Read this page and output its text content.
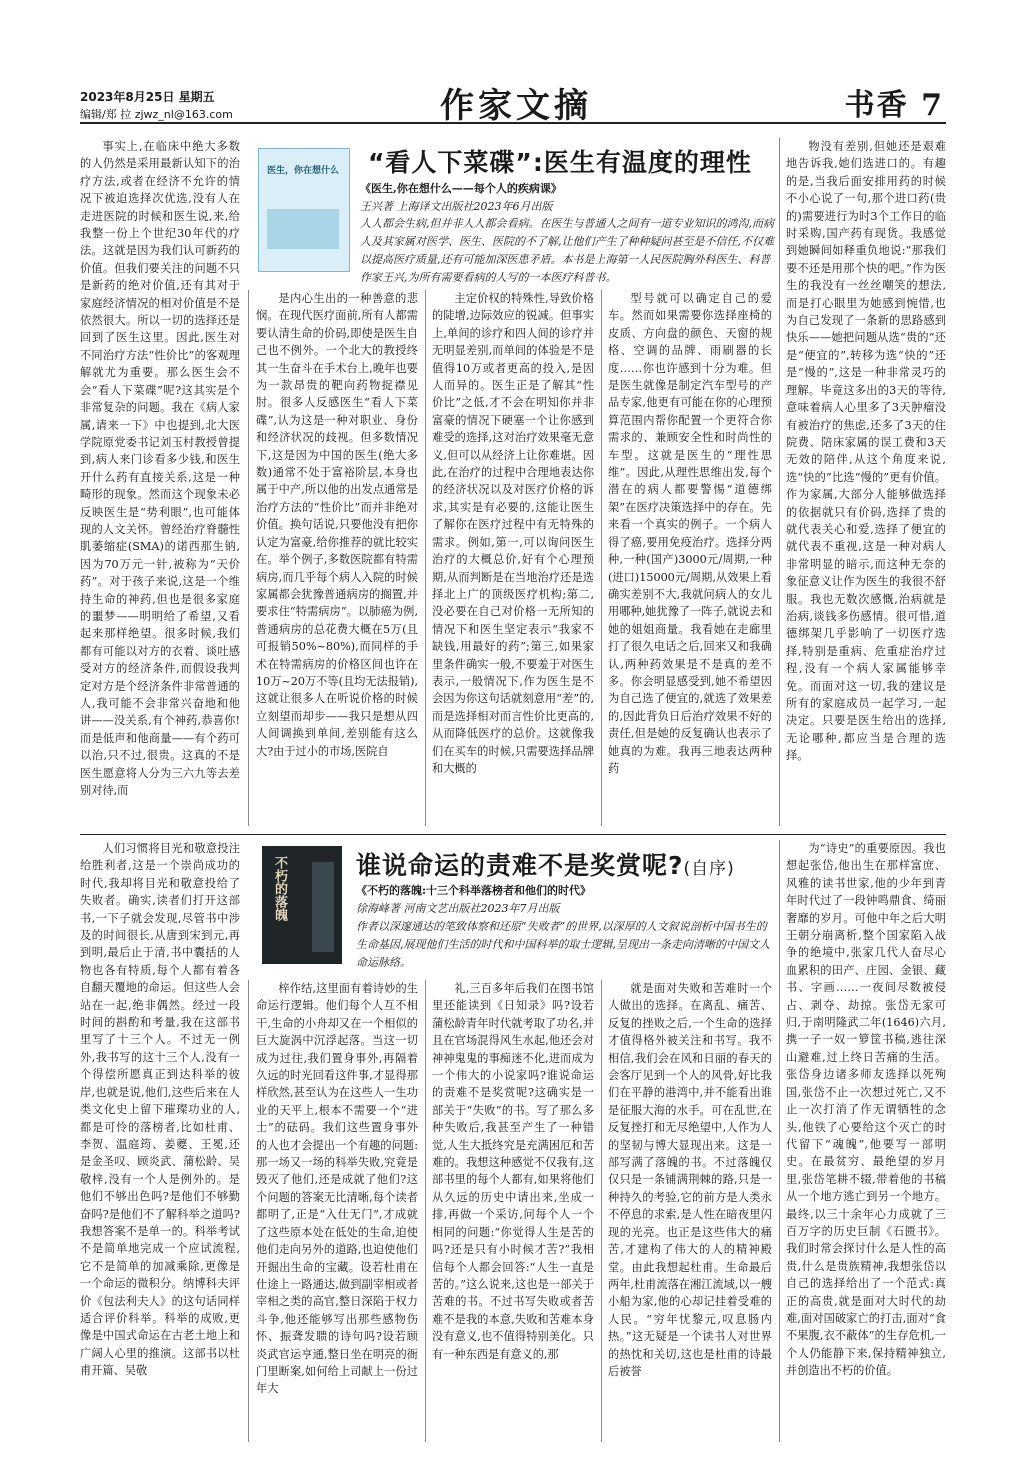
2023年8月25日 星期五
编辑/郑 拉 zjwz_nl@163.com	作家文摘	书香 7
医生，你在想什么 “看人下菜碟”:医生有温度的理性
《医生,你在想什么——每个人的疾病课》
王兴著 上海译文出版社2023年6月出版
人人都会生病,但并非人人都会看病。在医生与普通人之间有一道专业知识的鸿沟,而病人及其家属对医学、医生、医院的不了解,让他们产生了种种疑问甚至是不信任,不仅难以提高医疗质量,还有可能加深医患矛盾。本书是上海第一人民医院胸外科医生、科普作家王兴,为所有需要看病的人写的一本医疗科普书。

事实上,在临床中绝大多数的人仍然是采用最新认知下的治疗方法,或者在经济不允许的情况下被迫选择次优选,没有人在走进医院的时候和医生说,来,给我整一份上个世纪30年代的疗法。这就是因为我们认可新药的价值。但我们要关注的问题不只是新药的绝对价值,还有其对于家庭经济情况的相对价值是不是依然很大。所以一切的选择还是回到了医生这里。因此,医生对不同治疗方法“性价比”的客观理解就尤为重要。那么医生会不会“看人下菜碟”呢?这其实是个非常复杂的问题。我在《病人家属,请来一下》中也提到,北大医学院原党委书记刘玉村教授曾提到,病人来门诊看多少钱,和医生开什么药有直接关系,这是一种畸形的现象。然而这个现象未必反映医生是“势利眼”,也可能体现的人文关怀。曾经治疗脊髓性肌萎缩症(SMA)的诺西那生钠,因为70万元一针,被称为“天价药”。对于孩子来说,这是一个维持生命的神药,但也是很多家庭的噩梦——明明给了希望,又看起来那样绝望。很多时候,我们都有可能以对方的衣着、谈吐感受对方的经济条件,而假设我判定对方是个经济条件非常普通的人,我可能不会非常兴奋地和他讲——没关系,有个神药,恭喜你!而是低声和他商量——有个药可以治,只不过,很贵。这真的不是医生愿意将人分为三六九等去差别对待,而

是内心生出的一种善意的悲悯。在现代医疗面前,所有人都需要认清生命的价码,即使是医生自己也不例外。一个北大的教授终其一生奋斗在手术台上,晚年也要为一款昂贵的靶向药物捉襟见肘。很多人反感医生“看人下菜碟”,认为这是一种对职业、身份和经济状况的歧视。但多数情况下,这是因为中国的医生(绝大多数)通常不处于富裕阶层,本身也属于中产,所以他的出发点通常是治疗方法的“性价比”而并非绝对价值。换句话说,只要他没有把你认定为富豪,给你推荐的就比较实在。举个例子,多数医院都有特需病房,而几乎每个病人入院的时候家属都会犹豫普通病房的搁置,并要求住“特需病房”。以肺癌为例,普通病房的总花费大概在5万(且可报销50%~80%),而同样的手术在特需病房的价格区间也许在10万~20万不等(且均无法报销),这就让很多人在听说价格的时候立刻望而却步——我只是想从四人间调换到单间,差别能有这么大?由于过小的市场,医院自

主定价权的特殊性,导致价格的陡增,边际效应的锐减。但事实上,单间的诊疗和四人间的诊疗并无明显差别,而单间的体验是不是值得10万或者更高的投入,是因人而异的。医生正是了解其“性价比”之低,才不会在明知你并非富豪的情况下硬塞一个让你感到难受的选择,这对治疗效果毫无意义,但可以从经济上让你难堪。因此,在治疗的过程中合理地表达你的经济状况以及对医疗价格的诉求,其实是有必要的,这能让医生了解你在医疗过程中有无特殊的需求。例如,第一,可以询问医生治疗的大概总价,好有个心理预期,从而判断是在当地治疗还是选择北上广的顶级医疗机构;第二,没必要在自己对价格一无所知的情况下和医生坚定表示“我家不缺钱,用最好的药”;第三,如果家里条件确实一般,不要羞于对医生表示,一般情况下,作为医生是不会因为你这句话就刻意用“差”的,而是选择相对而言性价比更高的,从而降低医疗的总价。这就像我们在买车的时候,只需要选择品牌和大概的

型号就可以确定自己的爱车。然而如果需要你选择座椅的皮质、方向盘的颜色、天窗的规格、空调的品牌、雨刷器的长度……你也许感到十分为难。但是医生就像是制定汽车型号的产品专家,他更有可能在你的心理预算范围内帮你配置一个更符合你需求的、兼顾安全性和时尚性的车型。这就是医生的“理性思维”。因此,从理性思维出发,每个潜在的病人都要警惕“道德绑架”在医疗决策选择中的存在。先来看一个真实的例子。一个病人得了癌,要用免疫治疗。选择分两种,一种(国产)3000元/周期,一种(进口)15000元/周期,从效果上看确实差别不大,我就问病人的女儿用哪种,她犹豫了一阵子,就说去和她的姐姐商量。我看她在走廊里打了很久电话之后,回来又和我确认,两种药效果是不是真的差不多。你会明显感受到,她不希望因为自己选了便宜的,就选了效果差的,因此背负日后治疗效果不好的责任,但是她的反复确认也表示了她真的为难。我再三地表达两种药

物没有差别,但她还是艰难地告诉我,她们选进口的。有趣的是,当我后面安排用药的时候不小心说了一句,那个进口药(贵的)需要进行为时3个工作日的临时采购,国产药有现货。我感觉到她瞬间如释重负地说:“那我们要不还是用那个快的吧。”作为医生的我没有一丝丝嘲笑的想法,而是打心眼里为她感到惋惜,也为自己发现了一条新的思路感到快乐——她把问题从选“贵的”还是“便宜的”,转移为选“快的”还是“慢的”,这是一种非常灵巧的理解。毕竟这多出的3天的等待,意味着病人心里多了3天肿瘤没有被治疗的焦虑,还多了3天的住院费、陪床家属的误工费和3天无效的陪伴,从这个角度来说,选“快的”比选“慢的”更有价值。作为家属,大部分人能够做选择的依据就只有价码,选择了贵的就代表关心和爱,选择了便宜的就代表不重视,这是一种对病人非常明显的暗示,而这种无奈的象征意义让作为医生的我很不舒服。我也无数次感慨,治病就是治病,谈钱多伤感情。很可惜,道德绑架几乎影响了一切医疗选择,特别是重病、危重症治疗过程,没有一个病人家属能够幸免。而面对这一切,我的建议是所有的家庭成员一起学习,一起决定。只要是医生给出的选择,无论哪种,都应当是合理的选择。

不朽的落魄	谁说命运的责难不是奖赏呢?(自序)
《不朽的落魄:十三个科举落榜者和他们的时代》
徐海峰著 河南文艺出版社2023年7月出版
作者以深邃通达的笔致体察和还原“失败者”的世界,以深厚的人文叙说剖析中国书生的生命基因,展现他们生活的时代和中国科举的取士逻辑,呈现出一条走向清晰的中国文人命运脉络。

人们习惯将目光和敬意投注给胜利者,这是一个崇尚成功的时代,我却将目光和敬意投给了失败者。确实,读者们打开这部书,一下子就会发现,尽管书中涉及的时间很长,从唐到宋到元,再到明,最后止于清,书中囊括的人物也各有特质,每个人都有着各自翻天覆地的命运。但这些人会站在一起,绝非偶然。经过一段时间的斟酌和考量,我在这部书里写了十三个人。不过无一例外,我书写的这十三个人,没有一个得偿所愿真正到达科举的彼岸,也就是说,他们,这些后来在人类文化史上留下璀璨功业的人,都是可怜的落榜者,比如杜甫、李贺、温庭筠、姜夔、王冕,还是金圣叹、顾炎武、蒲松龄、吴敬梓,没有一个人是例外的。是他们不够出色吗?是他们不够勤奋吗?是他们不了解科举之道吗?我想答案不是单一的。科举考试不是简单地完成一个应试流程,它不是简单的加减乘除,更像是一个命运的微积分。纳博科夫评价《包法利夫人》的这句话同样适合评价科举。科举的成败,更像是中国式命运在古老土地上和广阔人心里的推演。这部书以杜甫开篇、吴敬

梓作结,这里面有着诗妙的生命运行逻辑。他们每个人互不相干,生命的小舟却又在一个相似的巨大旋涡中沉浮起落。当这一切成为过往,我们置身事外,再隔着久远的时光回看这件事,才显得那样欣然,甚至认为在这些人一生功业的天平上,根本不需要一个“进士”的砝码。我们这些置身事外的人也才会提出一个有趣的问题:那一场又一场的科举失败,究竟是毁灭了他们,还是成就了他们?这个问题的答案无比清晰,每个读者都明了,正是“入仕无门”,才成就了这些原本处在低处的生命,迫使他们走向另外的道路,也迫使他们开掘出生命的宝藏。设若杜甫在仕途上一路通达,做到副宰相或者宰相之类的高官,整日深陷于权力斗争,他还能够写出那些感物伤怀、振聋发聩的诗句吗?设若顾炎武官运亨通,整日坐在明亮的衙门里断案,如何给上司献上一份过年大

礼,三百多年后我们在图书馆里还能读到《日知录》吗?设若蒲松龄青年时代就考取了功名,并且在官场混得风生水起,他还会对神神鬼鬼的事痴迷不化,进而成为一个伟大的小说家吗?谁说命运的责难不是奖赏呢?这确实是一部关于“失败”的书。写了那么多种失败后,我甚至产生了一种错觉,人生大抵终究是充满困厄和苦难的。我想这种感觉不仅我有,这部书里的每个人都有,如果将他们从久远的历史中请出来,坐成一排,再做一个采访,问每个人一个相同的问题:“你觉得人生是苦的吗?还是只有小时候才苦?”我相信每个人都会回答:“人生一直是苦的。”这么说来,这也是一部关于苦难的书。不过书写失败或者苦难不是我的本意,失败和苦难本身没有意义,也不值得特别美化。只有一种东西是有意义的,那

就是面对失败和苦难时一个人做出的选择。在离乱、痛苦、反复的挫败之后,一个生命的选择才值得格外被关注和书写。我不相信,我们会在风和日丽的春天的会客厅见到一个人的风骨,好比我们在平静的港湾中,并不能看出谁是征服大海的水手。可在乱世,在反复挫打和无尽绝望中,人作为人的坚韧与博大显现出来。这是一部写满了落魄的书。不过落魄仅仅只是一条铺满荆棘的路,只是一种持久的考验,它的前方是人类永不停息的求索,是人性在暗夜里闪现的光亮。也正是这些伟大的痛苦,才建构了伟大的人的精神殿堂。由此我想起杜甫。生命最后两年,杜甫流落在湘江流域,以一艘小船为家,他的心却记挂着受难的人民。“穷年忧黎元,叹息肠内热。”这无疑是一个读书人对世界的热忱和关切,这也是杜甫的诗最后被誉

为“诗史”的重要原因。我也想起张岱,他出生在那样富庶、风雅的读书世家,他的少年到青年时代过了一段钟鸣鼎食、绮丽奢靡的岁月。可他中年之后大明王朝分崩离析,整个国家陷入战争的绝境中,张家几代人奋尽心血累积的田产、庄园、金银、藏书、字画……一夜间尽数被侵占、剥夺、劫掠。张岱无家可归,于南明隆武二年(1646)六月,携一子一奴一箩筐书稿,逃往深山避难,过上终日苦痛的生活。张岱身边诸多师友选择以死殉国,张岱不止一次想过死亡,又不止一次打消了作无谓牺牲的念头,他铁了心要给这个灭亡的时代留下“魂魄”,他要写一部明史。在最贫穷、最绝望的岁月里,张岱笔耕不辍,带着他的书稿从一个地方逃亡到另一个地方。最终,以三十余年心力成就了三百万字的历史巨制《石匮书》。我们时常会探讨什么是人性的高贵,什么是贵族精神,我想张岱以自己的选择给出了一个范式:真正的高贵,就是面对大时代的劫难,面对国破家亡的打击,面对“食不果腹,衣不蔽体”的生存危机,一个人仍能静下来,保持精神独立,并创造出不朽的价值。
